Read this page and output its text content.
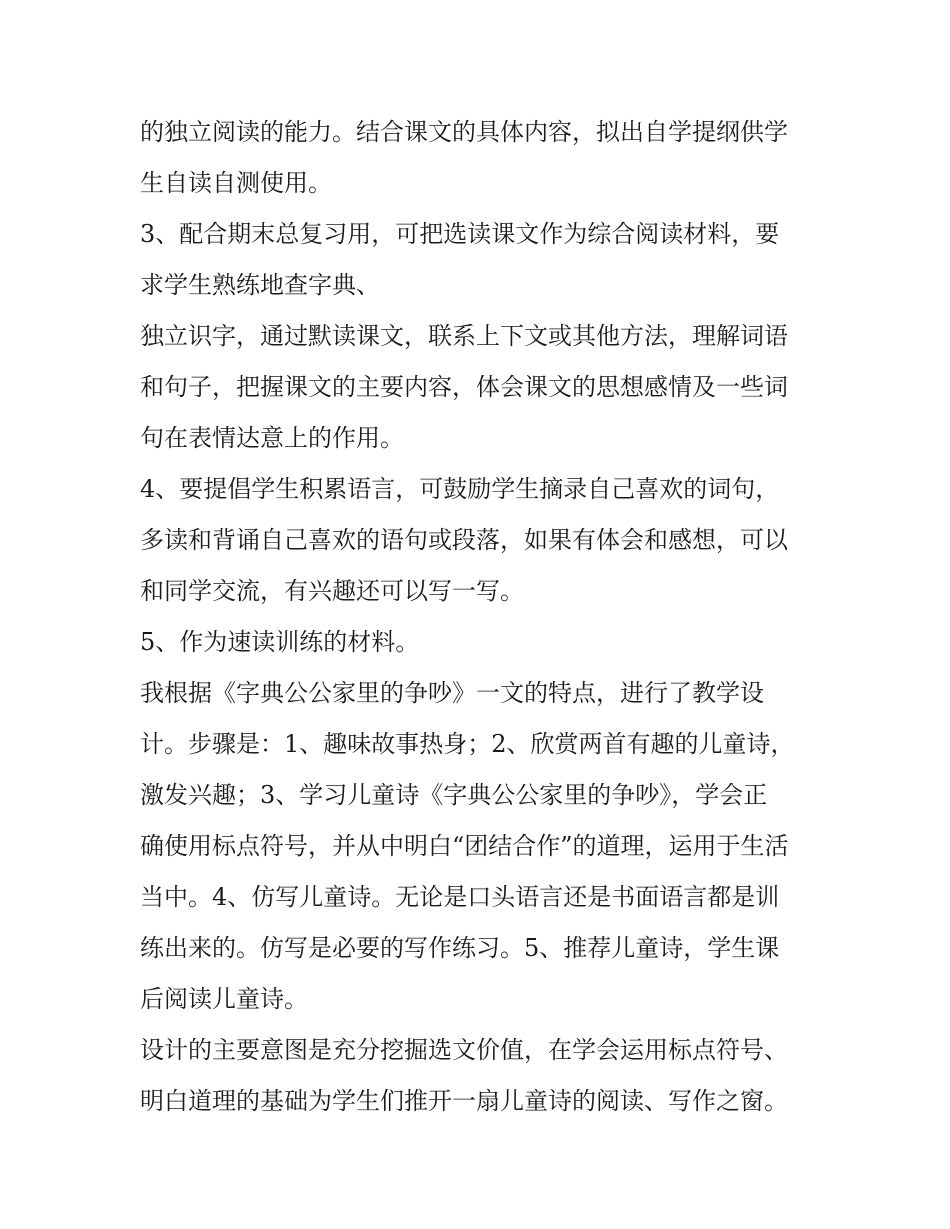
的独立阅读的能力。结合课文的具体内容，拟出自学提纲供学
生自读自测使用。
3、配合期末总复习用，可把选读课文作为综合阅读材料，要
求学生熟练地查字典、
独立识字，通过默读课文，联系上下文或其他方法，理解词语
和句子，把握课文的主要内容，体会课文的思想感情及一些词
句在表情达意上的作用。
4、要提倡学生积累语言，可鼓励学生摘录自己喜欢的词句，
多读和背诵自己喜欢的语句或段落，如果有体会和感想，可以
和同学交流，有兴趣还可以写一写。
5、作为速读训练的材料。
我根据《字典公公家里的争吵》一文的特点，进行了教学设
计。步骤是：1、趣味故事热身；2、欣赏两首有趣的儿童诗，
激发兴趣；3、学习儿童诗《字典公公家里的争吵》，学会正
确使用标点符号，并从中明白“团结合作”的道理，运用于生活
当中。4、仿写儿童诗。无论是口头语言还是书面语言都是训
练出来的。仿写是必要的写作练习。5、推荐儿童诗，学生课
后阅读儿童诗。
设计的主要意图是充分挖掘选文价值，在学会运用标点符号、
明白道理的基础为学生们推开一扇儿童诗的阅读、写作之窗。
